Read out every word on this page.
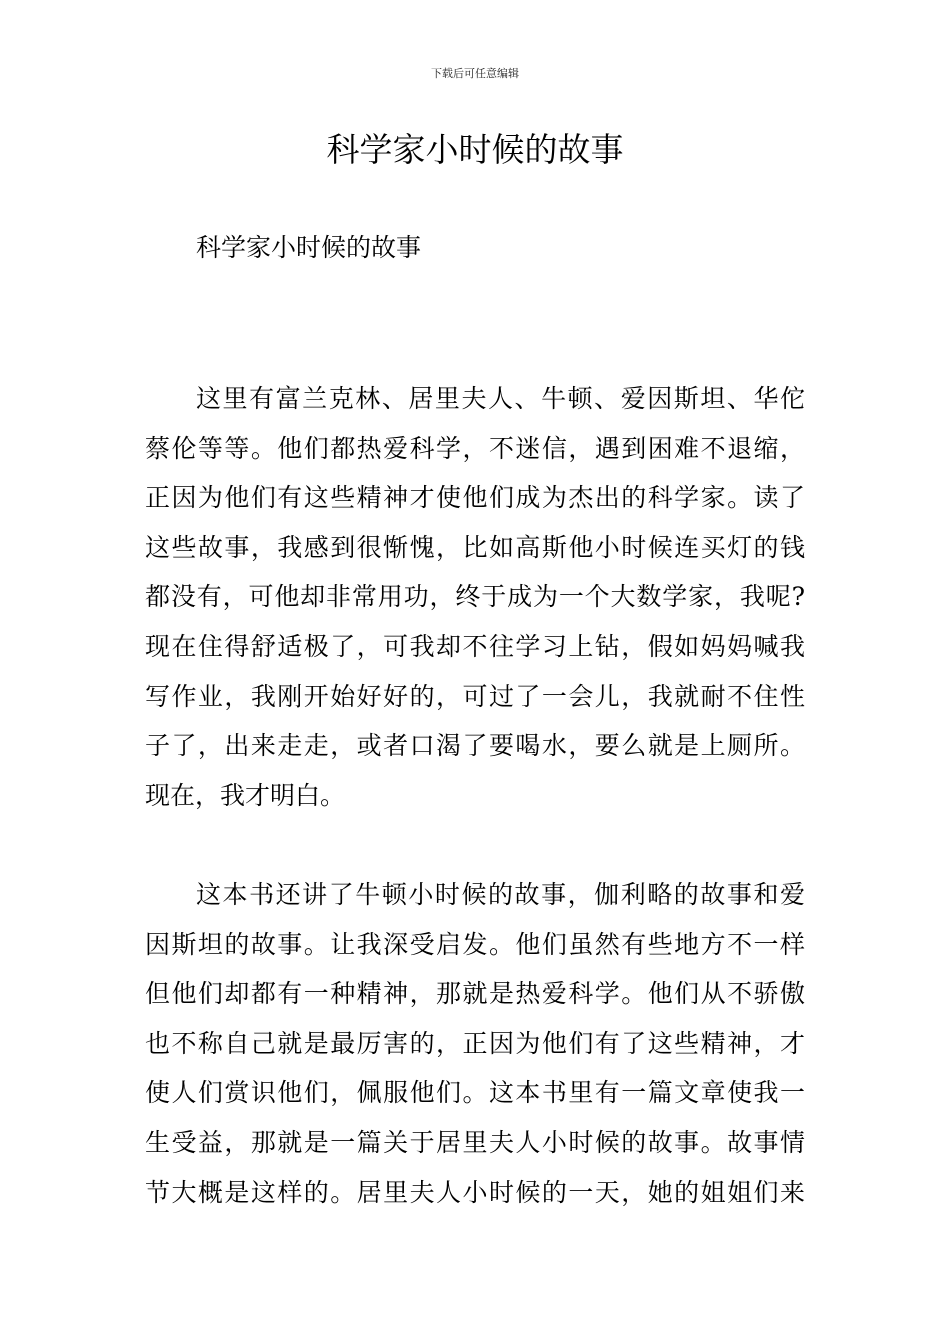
下载后可任意编辑
科学家小时候的故事
科学家小时候的故事
这里有富兰克林、居里夫人、牛顿、爱因斯坦、华佗
蔡伦等等。他们都热爱科学，不迷信，遇到困难不退缩，
正因为他们有这些精神才使他们成为杰出的科学家。读了
这些故事，我感到很惭愧，比如高斯他小时候连买灯的钱
都没有，可他却非常用功，终于成为一个大数学家，我呢?
现在住得舒适极了，可我却不往学习上钻，假如妈妈喊我
写作业，我刚开始好好的，可过了一会儿，我就耐不住性
子了，出来走走，或者口渴了要喝水，要么就是上厕所。
现在，我才明白。
这本书还讲了牛顿小时候的故事，伽利略的故事和爱
因斯坦的故事。让我深受启发。他们虽然有些地方不一样
但他们却都有一种精神，那就是热爱科学。他们从不骄傲
也不称自己就是最厉害的，正因为他们有了这些精神，才
使人们赏识他们，佩服他们。这本书里有一篇文章使我一
生受益，那就是一篇关于居里夫人小时候的故事。故事情
节大概是这样的。居里夫人小时候的一天，她的姐姐们来
